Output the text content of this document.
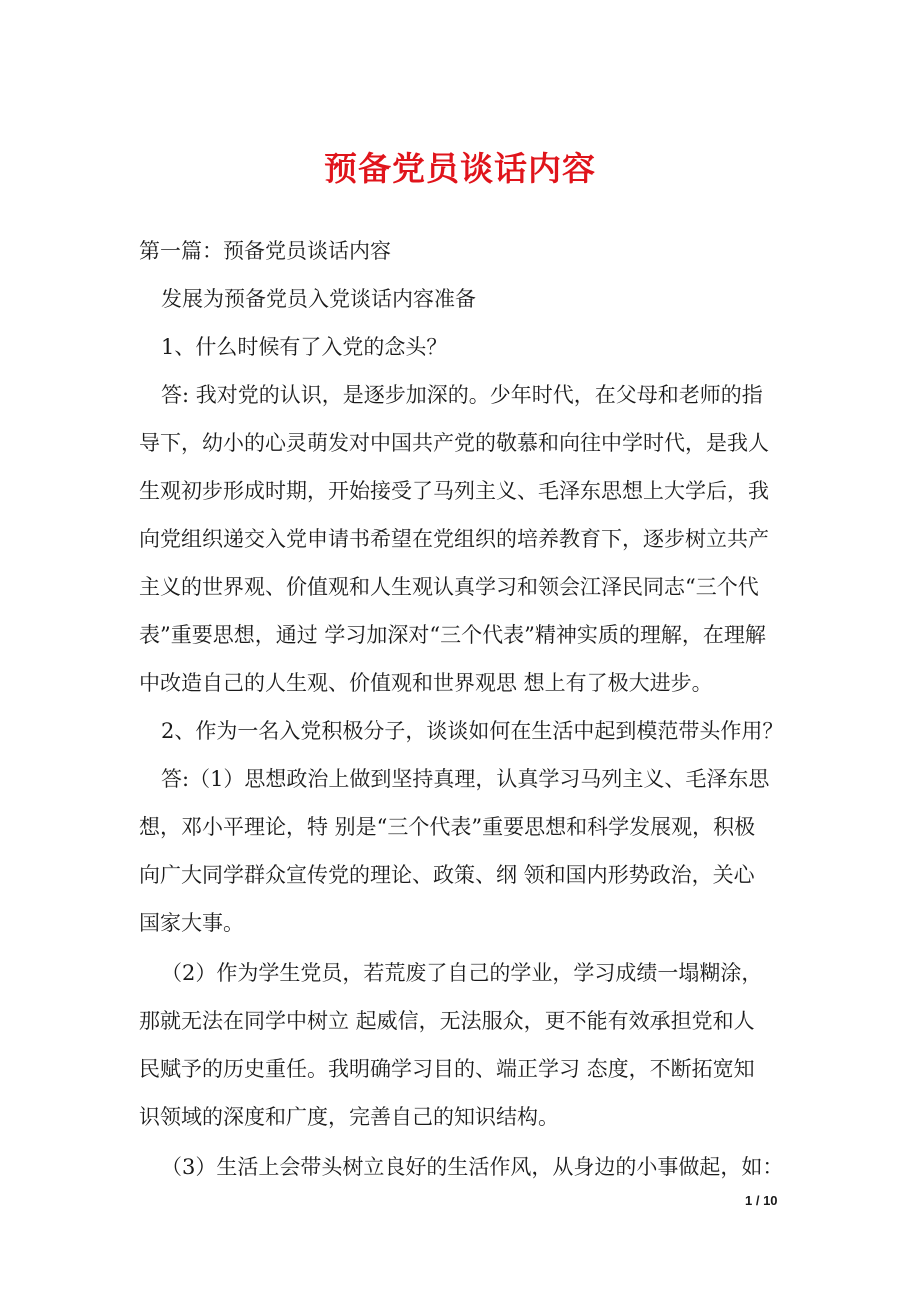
预备党员谈话内容
第一篇：预备党员谈话内容
发展为预备党员入党谈话内容准备
1、什么时候有了入党的念头？
答: 我对党的认识，是逐步加深的。少年时代，在父母和老师的指
导下，幼小的心灵萌发对中国共产党的敬慕和向往中学时代，是我人
生观初步形成时期，开始接受了马列主义、毛泽东思想上大学后，我
向党组织递交入党申请书希望在党组织的培养教育下，逐步树立共产
主义的世界观、价值观和人生观认真学习和领会江泽民同志“三个代
表”重要思想，通过 学习加深对“三个代表”精神实质的理解，在理解
中改造自己的人生观、价值观和世界观思 想上有了极大进步。
2、作为一名入党积极分子，谈谈如何在生活中起到模范带头作用？
答:（1）思想政治上做到坚持真理，认真学习马列主义、毛泽东思
想，邓小平理论，特 别是“三个代表”重要思想和科学发展观，积极
向广大同学群众宣传党的理论、政策、纲 领和国内形势政治，关心
国家大事。
（2）作为学生党员，若荒废了自己的学业，学习成绩一塌糊涂，
那就无法在同学中树立 起威信，无法服众，更不能有效承担党和人
民赋予的历史重任。我明确学习目的、端正学习 态度，不断拓宽知
识领域的深度和广度，完善自己的知识结构。
（3）生活上会带头树立良好的生活作风，从身边的小事做起，如：
1 / 10
